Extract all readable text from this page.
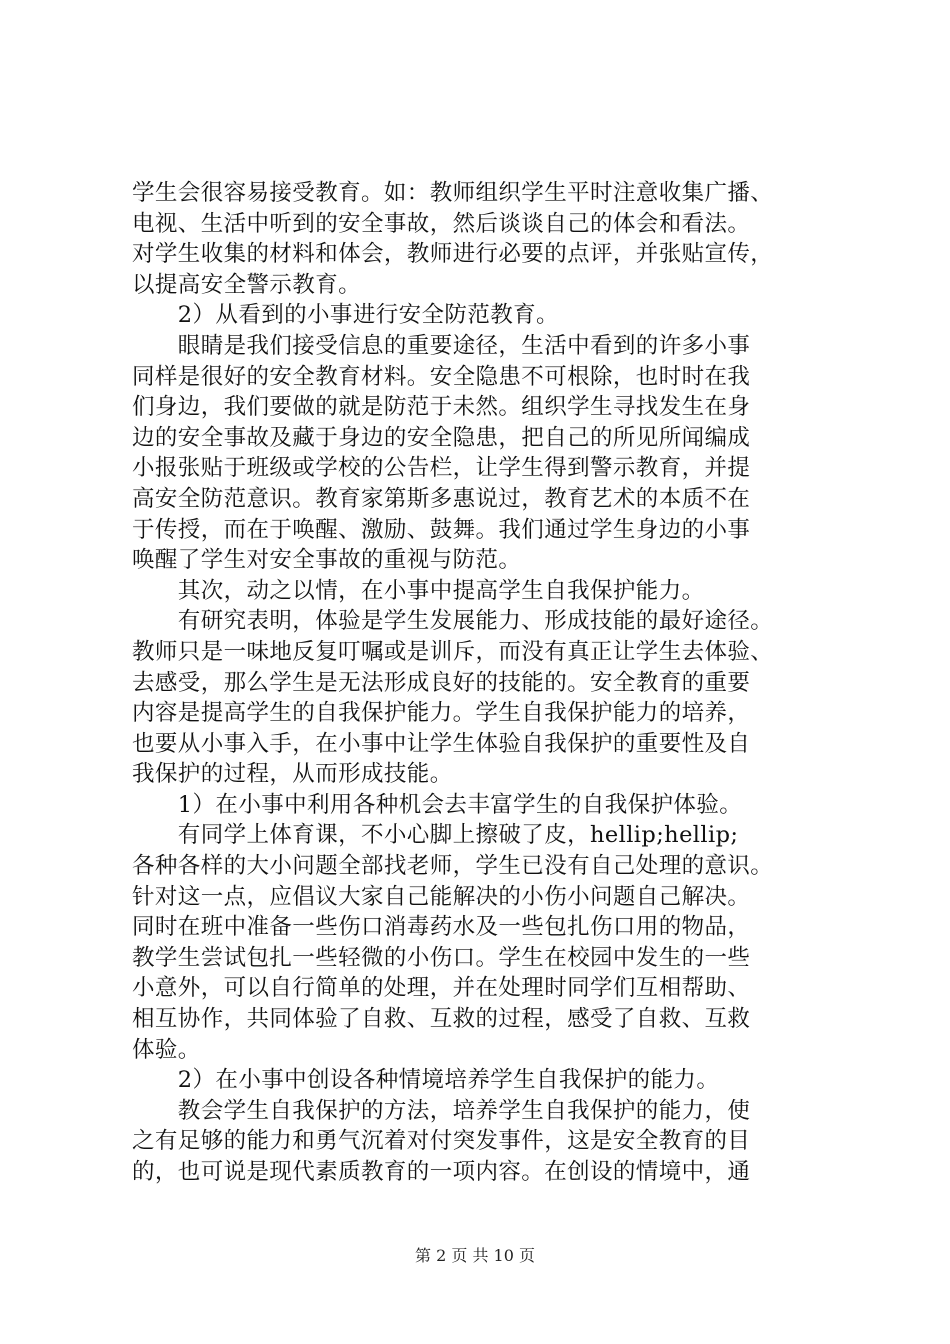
学生会很容易接受教育。如：教师组织学生平时注意收集广播、
电视、生活中听到的安全事故，然后谈谈自己的体会和看法。
对学生收集的材料和体会，教师进行必要的点评，并张贴宣传，
以提高安全警示教育。
　　2）从看到的小事进行安全防范教育。
　　眼睛是我们接受信息的重要途径，生活中看到的许多小事
同样是很好的安全教育材料。安全隐患不可根除，也时时在我
们身边，我们要做的就是防范于未然。组织学生寻找发生在身
边的安全事故及藏于身边的安全隐患，把自己的所见所闻编成
小报张贴于班级或学校的公告栏，让学生得到警示教育，并提
高安全防范意识。教育家第斯多惠说过，教育艺术的本质不在
于传授，而在于唤醒、激励、鼓舞。我们通过学生身边的小事
唤醒了学生对安全事故的重视与防范。
　　其次，动之以情，在小事中提高学生自我保护能力。
　　有研究表明，体验是学生发展能力、形成技能的最好途径。
教师只是一味地反复叮嘱或是训斥，而没有真正让学生去体验、
去感受，那么学生是无法形成良好的技能的。安全教育的重要
内容是提高学生的自我保护能力。学生自我保护能力的培养，
也要从小事入手，在小事中让学生体验自我保护的重要性及自
我保护的过程，从而形成技能。
　　1）在小事中利用各种机会去丰富学生的自我保护体验。
　　有同学上体育课，不小心脚上擦破了皮，hellip;hellip;
各种各样的大小问题全部找老师，学生已没有自己处理的意识。
针对这一点，应倡议大家自己能解决的小伤小问题自己解决。
同时在班中准备一些伤口消毒药水及一些包扎伤口用的物品，
教学生尝试包扎一些轻微的小伤口。学生在校园中发生的一些
小意外，可以自行简单的处理，并在处理时同学们互相帮助、
相互协作，共同体验了自救、互救的过程，感受了自救、互救
体验。
　　2）在小事中创设各种情境培养学生自我保护的能力。
　　教会学生自我保护的方法，培养学生自我保护的能力，使
之有足够的能力和勇气沉着对付突发事件，这是安全教育的目
的，也可说是现代素质教育的一项内容。在创设的情境中，通
第 2 页 共 10 页
